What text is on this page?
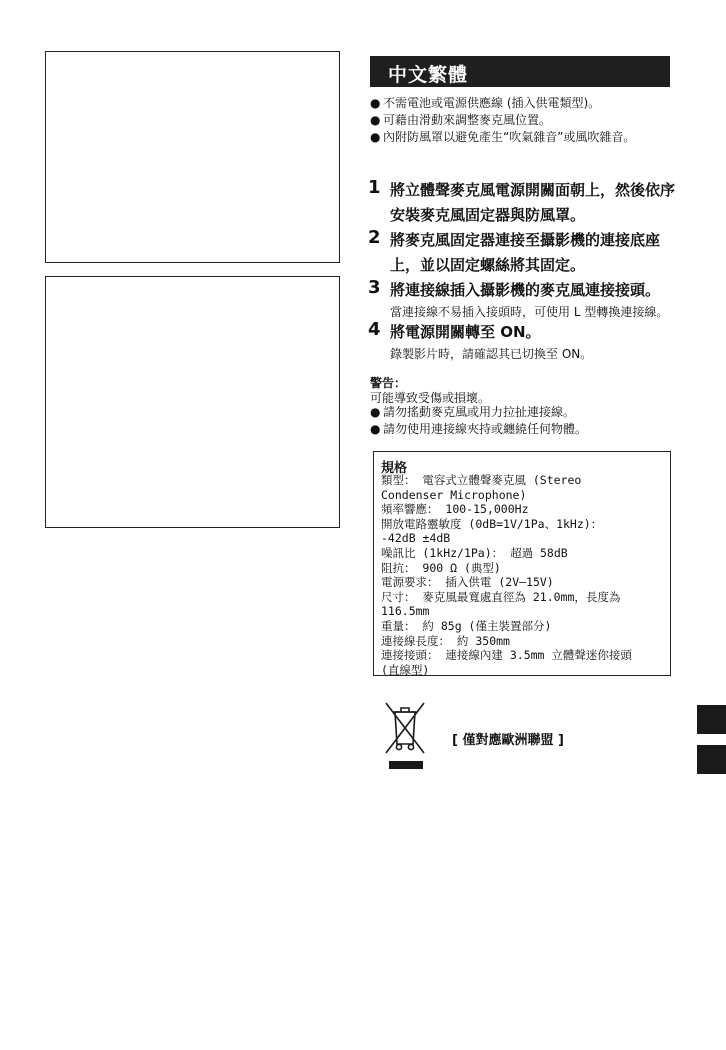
中文繁體
● 不需電池或電源供應線 (插入供電類型)。
● 可藉由滑動來調整麥克風位置。
● 內附防風罩以避免產生“吹氣雜音”或風吹雜音。
1 將立體聲麥克風電源開關面朝上，然後依序安裝麥克風固定器與防風罩。
2 將麥克風固定器連接至攝影機的連接底座上，並以固定螺絲將其固定。
3 將連接線插入攝影機的麥克風連接接頭。
當連接線不易插入接頭時，可使用 L 型轉換連接線。
4 將電源開關轉至 ON。
錄製影片時，請確認其已切換至 ON。
警告：
可能導致受傷或損壞。
● 請勿搖動麥克風或用力拉扯連接線。
● 請勿使用連接線夾持或纏繞任何物體。
規格
類型： 電容式立體聲麥克風 (Stereo
Condenser Microphone)
頻率響應： 100-15,000Hz
開放電路靈敏度 (0dB=1V/1Pa、1kHz)：
-42dB ±4dB
噪訊比 (1kHz/1Pa)： 超過 58dB
阻抗： 900 Ω (典型)
電源要求： 插入供電 (2V–15V)
尺寸： 麥克風最寬處直徑為 21.0mm，長度為
116.5mm
重量： 約 85g (僅主裝置部分)
連接線長度： 約 350mm
連接接頭： 連接線內建 3.5mm 立體聲迷你接頭
(直線型)
[ 僅對應歐洲聯盟 ]
